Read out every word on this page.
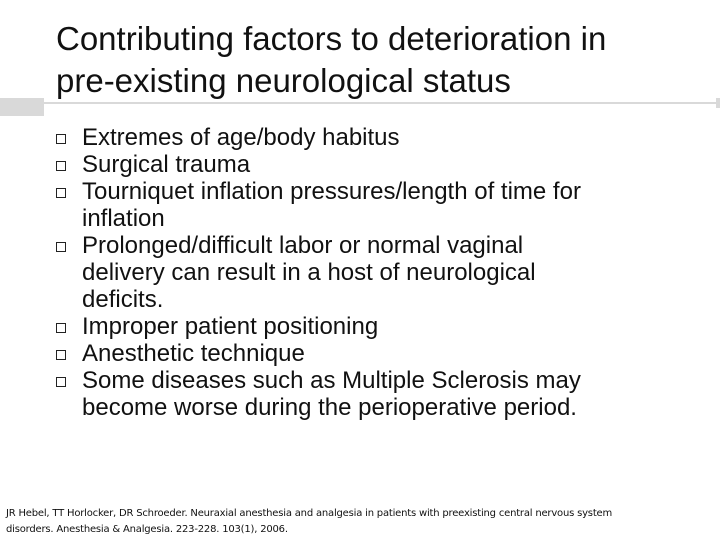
Contributing factors to deterioration in
pre-existing neurological status
Extremes of age/body habitus
Surgical trauma
Tourniquet inflation pressures/length of time for
inflation
Prolonged/difficult labor or normal vaginal
delivery can result in a host of neurological
deficits.
Improper patient positioning
Anesthetic technique
Some diseases such as Multiple Sclerosis may
become worse during the perioperative period.
JR Hebel, TT Horlocker, DR Schroeder. Neuraxial anesthesia and analgesia in patients with preexisting central nervous system
disorders. Anesthesia & Analgesia. 223-228. 103(1), 2006.
